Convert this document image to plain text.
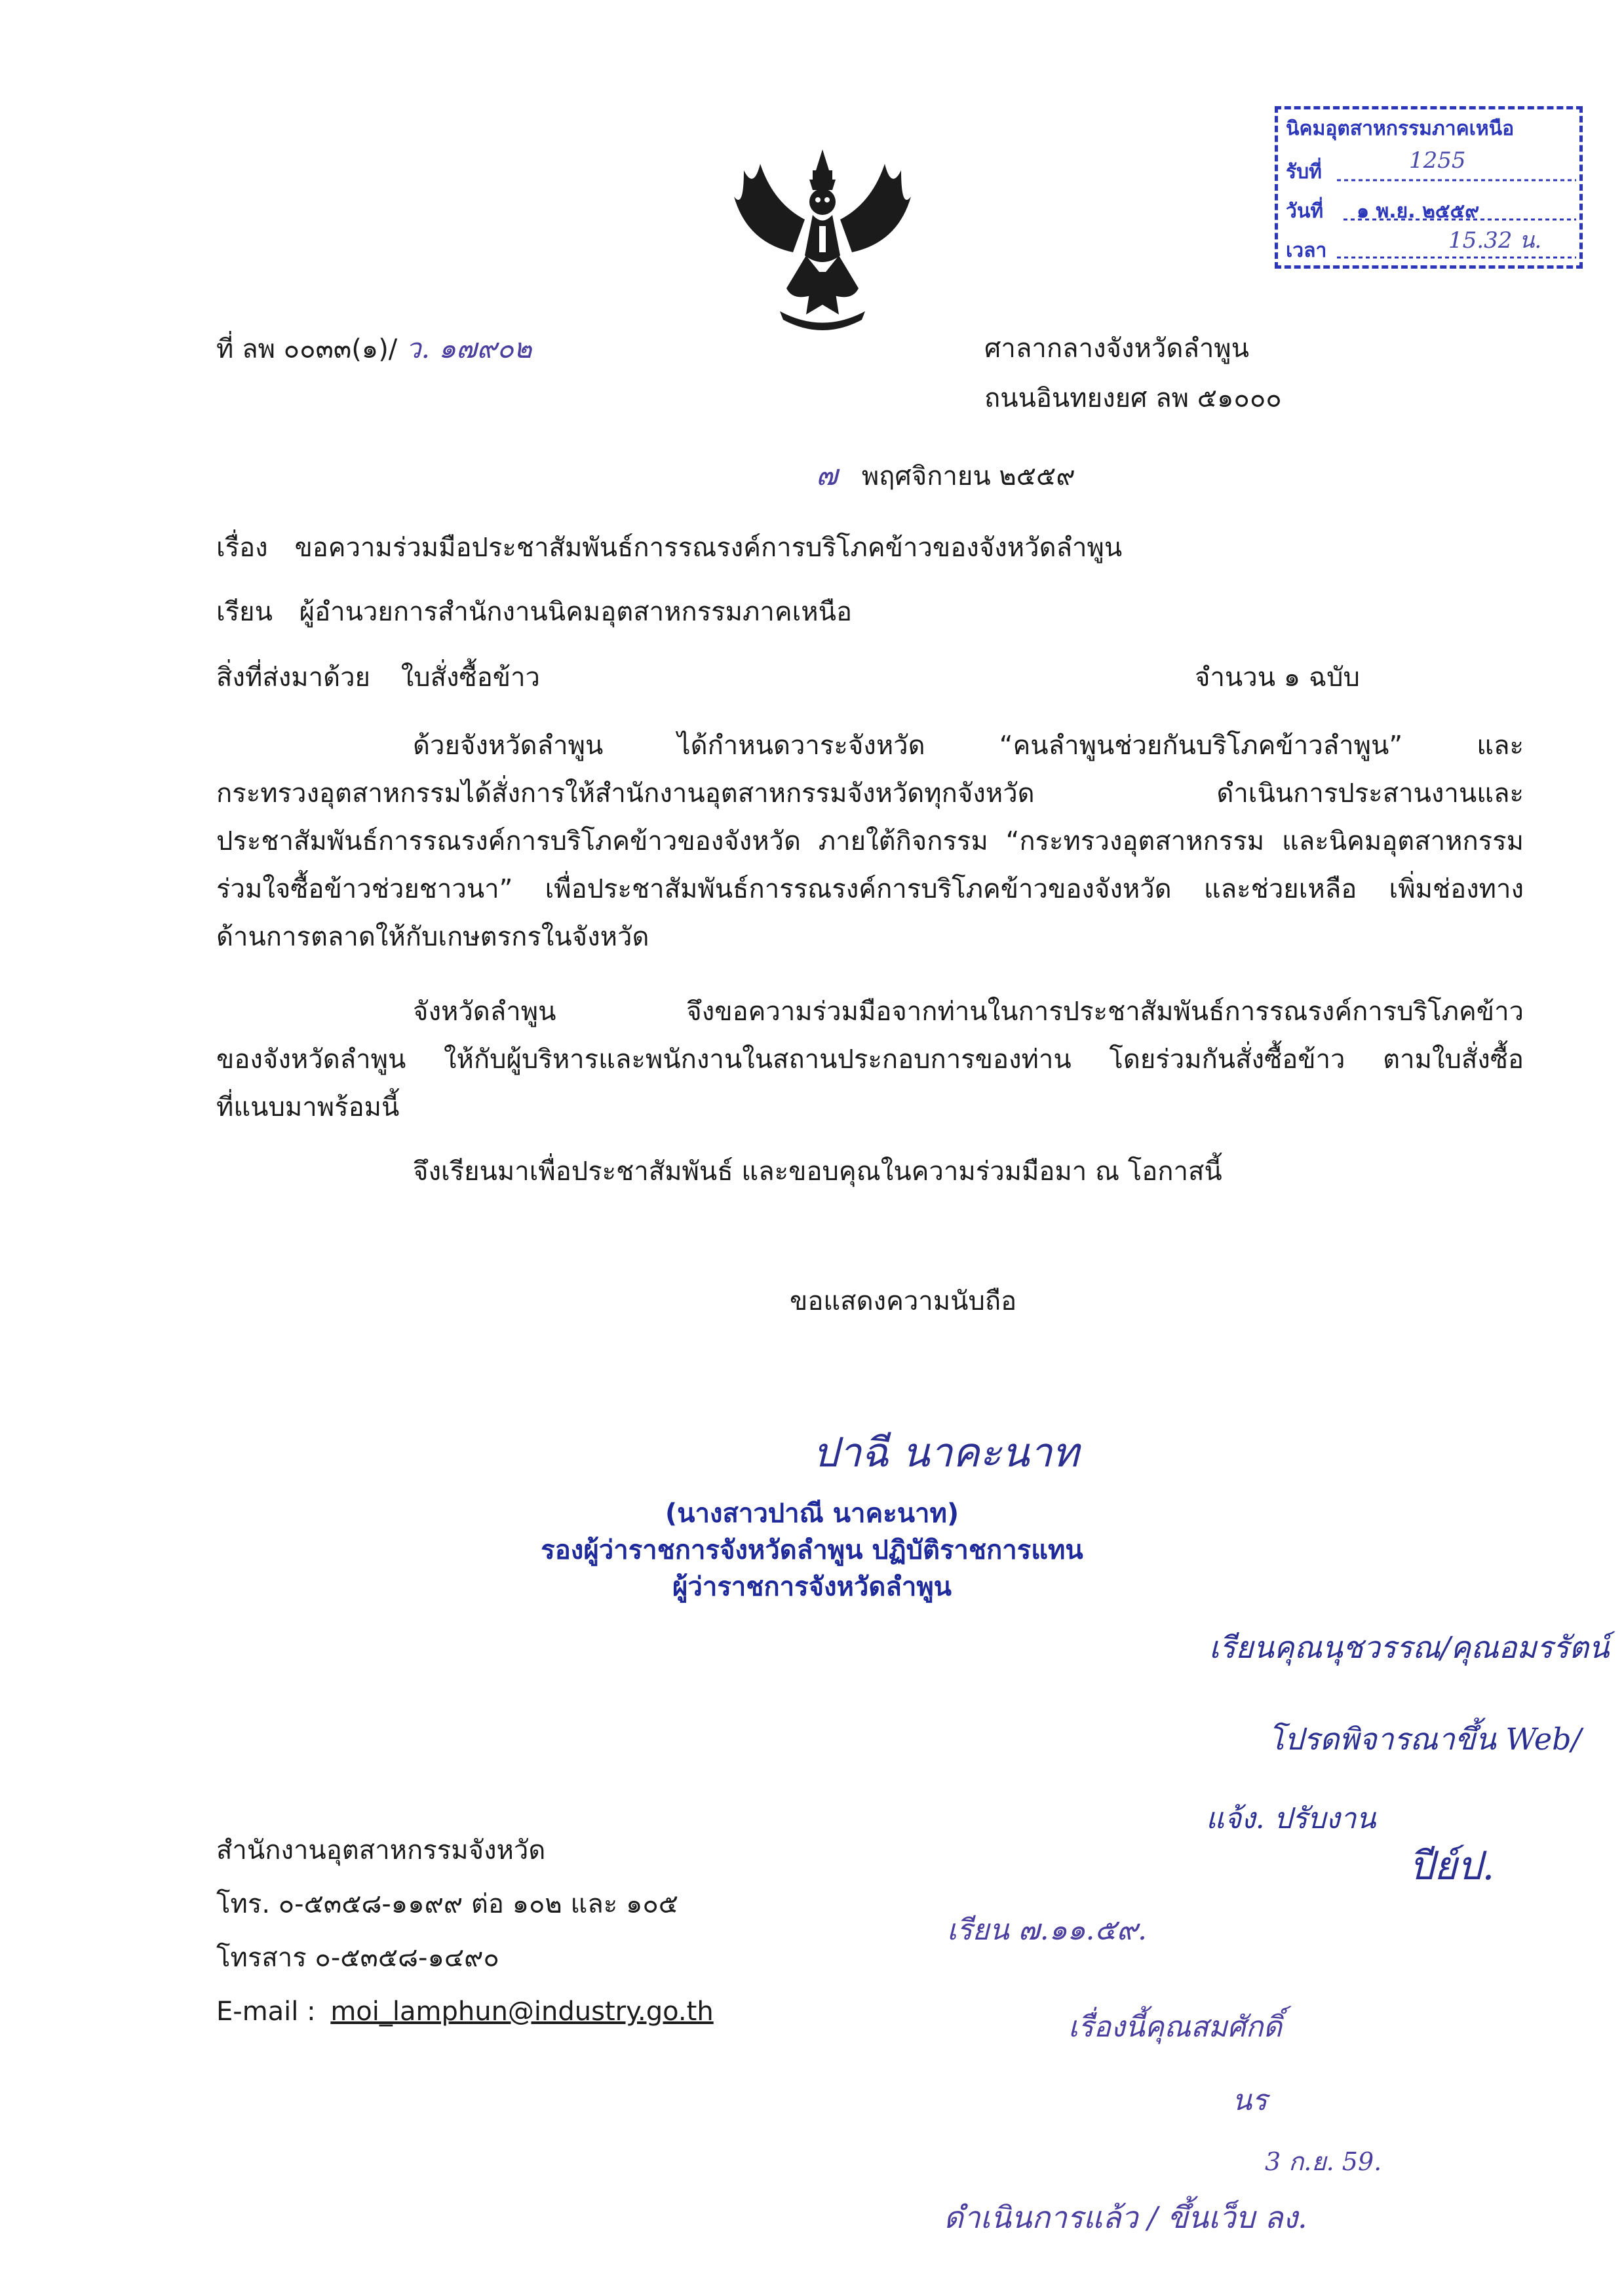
นิคมอุตสาหกรรมภาคเหนือ
รับที่	1255
วันที่ ๑ พ.ย. ๒๕๕๙
เวลา	15.32 น.
ที่ ลพ ๐๐๓๓(๑)/ ว. ๑๗๙๐๒	ศาลากลางจังหวัดลำพูน
ถนนอินทยงยศ ลพ ๕๑๐๐๐
๗ พฤศจิกายน ๒๕๕๙
เรื่อง ขอความร่วมมือประชาสัมพันธ์การรณรงค์การบริโภคข้าวของจังหวัดลำพูน
เรียน ผู้อำนวยการสำนักงานนิคมอุตสาหกรรมภาคเหนือ
สิ่งที่ส่งมาด้วย ใบสั่งซื้อข้าว	จำนวน ๑ ฉบับ
ด้วยจังหวัดลำพูน ได้กำหนดวาระจังหวัด “คนลำพูนช่วยกันบริโภคข้าวลำพูน” และ
กระทรวงอุตสาหกรรมได้สั่งการให้สำนักงานอุตสาหกรรมจังหวัดทุกจังหวัด ดำเนินการประสานงานและ
ประชาสัมพันธ์การรณรงค์การบริโภคข้าวของจังหวัด ภายใต้กิจกรรม “กระทรวงอุตสาหกรรม และนิคมอุตสาหกรรม
ร่วมใจซื้อข้าวช่วยชาวนา” เพื่อประชาสัมพันธ์การรณรงค์การบริโภคข้าวของจังหวัด และช่วยเหลือ เพิ่มช่องทาง
ด้านการตลาดให้กับเกษตรกรในจังหวัด
จังหวัดลำพูน จึงขอความร่วมมือจากท่านในการประชาสัมพันธ์การรณรงค์การบริโภคข้าว
ของจังหวัดลำพูน ให้กับผู้บริหารและพนักงานในสถานประกอบการของท่าน โดยร่วมกันสั่งซื้อข้าว ตามใบสั่งซื้อ
ที่แนบมาพร้อมนี้
จึงเรียนมาเพื่อประชาสัมพันธ์ และขอบคุณในความร่วมมือมา ณ โอกาสนี้
ขอแสดงความนับถือ
ปาฉี นาคะนาท
(นางสาวปาณี นาคะนาท)
รองผู้ว่าราชการจังหวัดลำพูน ปฏิบัติราชการแทน
ผู้ว่าราชการจังหวัดลำพูน
เรียนคุณนุชวรรณ/คุณอมรรัตน์
โปรดพิจารณาขึ้น Web/
แจ้ง. ปรับงาน
ปีย์ป.
สำนักงานอุตสาหกรรมจังหวัด
โทร. ๐-๕๓๕๘-๑๑๙๙ ต่อ ๑๐๒ และ ๑๐๕
โทรสาร ๐-๕๓๕๘-๑๔๙๐
E-mail : moi_lamphun@industry.go.th
เรียน ๗.๑๑.๕๙.
เรื่องนี้คุณสมศักดิ์
นร
3 ก.ย. 59.
ดำเนินการแล้ว / ขึ้นเว็บ ลง.
